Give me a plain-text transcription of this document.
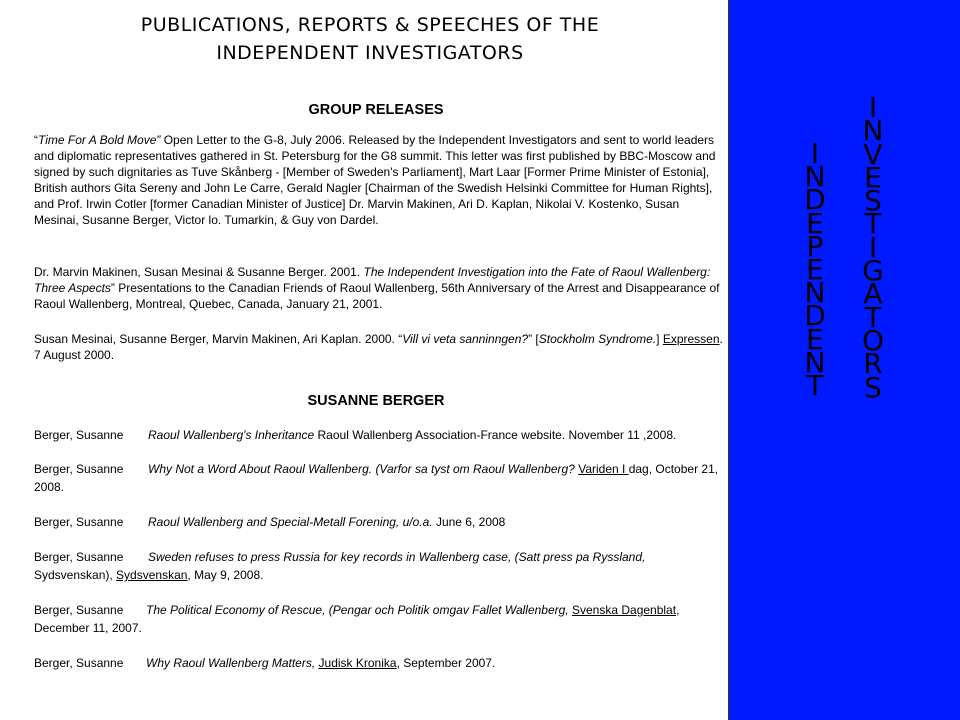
PUBLICATIONS, REPORTS & SPEECHES OF THE
INDEPENDENT INVESTIGATORS
GROUP RELEASES

“Time For A Bold Move” Open Letter to the G-8, July 2006. Released by the Independent Investigators and sent to world leaders and diplomatic representatives gathered in St. Petersburg for the G8 summit. This letter was first published by BBC-Moscow and signed by such dignitaries as Tuve Skånberg - [Member of Sweden's Parliament], Mart Laar [Former Prime Minister of Estonia], British authors Gita Sereny and John Le Carre, Gerald Nagler [Chairman of the Swedish Helsinki Committee for Human Rights], and Prof. Irwin Cotler [former Canadian Minister of Justice] Dr. Marvin Makinen, Ari D. Kaplan, Nikolai V. Kostenko, Susan Mesinai, Susanne Berger, Victor lo. Tumarkin, & Guy von Dardel.

Dr. Marvin Makinen, Susan Mesinai & Susanne Berger. 2001. The Independent Investigation into the Fate of Raoul Wallenberg: Three Aspects” Presentations to the Canadian Friends of Raoul Wallenberg, 56th Anniversary of the Arrest and Disappearance of Raoul Wallenberg, Montreal, Quebec, Canada, January 21, 2001.

Susan Mesinai, Susanne Berger, Marvin Makinen, Ari Kaplan. 2000. “Vill vi veta sanninngen?” [Stockholm Syndrome.] Expressen. 7 August 2000.

SUSANNE BERGER

Berger, Susanne Raoul Wallenberg's Inheritance Raoul Wallenberg Association-France website. November 11 ,2008.

Berger, Susanne Why Not a Word About Raoul Wallenberg. (Varfor sa tyst om Raoul Wallenberg? Variden I dag, October 21, 2008.

Berger, Susanne Raoul Wallenberg and Special-Metall Forening, u/o.a. June 6, 2008

Berger, Susanne Sweden refuses to press Russia for key records in Wallenberg case, (Satt press pa Ryssland, Sydsvenskan), Sydsvenskan, May 9, 2008.

Berger, Susanne The Political Economy of Rescue, (Pengar och Politik omgav Fallet Wallenberg, Svenska Dagenblat, December 11, 2007.

Berger, Susanne Why Raoul Wallenberg Matters, Judisk Kronika, September 2007.

I
N
D
E
P
E
N
D
E
N
T
I
N
V
E
S
T
I
G
A
T
O
R
S
